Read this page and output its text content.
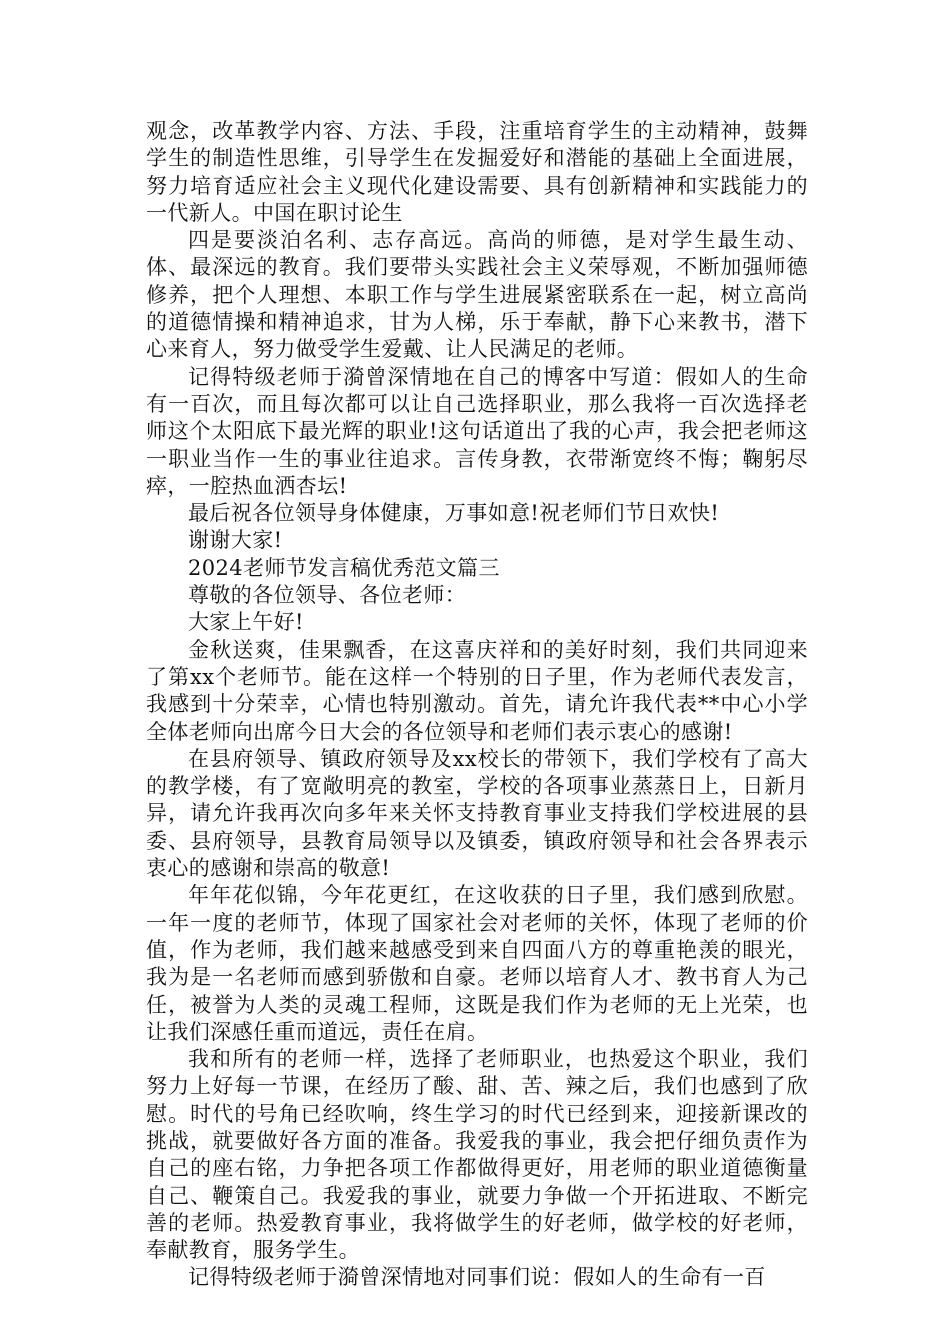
观念，改革教学内容、方法、手段，注重培育学生的主动精神，鼓舞学生的制造性思维，引导学生在发掘爱好和潜能的基础上全面进展，努力培育适应社会主义现代化建设需要、具有创新精神和实践能力的一代新人。中国在职讨论生

四是要淡泊名利、志存高远。高尚的师德，是对学生最生动、体、最深远的教育。我们要带头实践社会主义荣辱观，不断加强师德修养，把个人理想、本职工作与学生进展紧密联系在一起，树立高尚的道德情操和精神追求，甘为人梯，乐于奉献，静下心来教书，潜下心来育人，努力做受学生爱戴、让人民满足的老师。

记得特级老师于漪曾深情地在自己的博客中写道：假如人的生命有一百次，而且每次都可以让自己选择职业，那么我将一百次选择老师这个太阳底下最光辉的职业!这句话道出了我的心声，我会把老师这一职业当作一生的事业往追求。言传身教，衣带渐宽终不悔；鞠躬尽瘁，一腔热血洒杏坛!

最后祝各位领导身体健康，万事如意!祝老师们节日欢快!

谢谢大家!

2024老师节发言稿优秀范文篇三

尊敬的各位领导、各位老师：

大家上午好!

金秋送爽，佳果飘香，在这喜庆祥和的美好时刻，我们共同迎来了第xx个老师节。能在这样一个特别的日子里，作为老师代表发言，我感到十分荣幸，心情也特别激动。首先，请允许我代表**中心小学全体老师向出席今日大会的各位领导和老师们表示衷心的感谢!

在县府领导、镇政府领导及xx校长的带领下，我们学校有了高大的教学楼，有了宽敞明亮的教室，学校的各项事业蒸蒸日上，日新月异，请允许我再次向多年来关怀支持教育事业支持我们学校进展的县委、县府领导，县教育局领导以及镇委，镇政府领导和社会各界表示衷心的感谢和崇高的敬意!

年年花似锦，今年花更红，在这收获的日子里，我们感到欣慰。一年一度的老师节，体现了国家社会对老师的关怀，体现了老师的价值，作为老师，我们越来越感受到来自四面八方的尊重艳羡的眼光，我为是一名老师而感到骄傲和自豪。老师以培育人才、教书育人为己任，被誉为人类的灵魂工程师，这既是我们作为老师的无上光荣，也让我们深感任重而道远，责任在肩。

我和所有的老师一样，选择了老师职业，也热爱这个职业，我们努力上好每一节课，在经历了酸、甜、苦、辣之后，我们也感到了欣慰。时代的号角已经吹响，终生学习的时代已经到来，迎接新课改的挑战，就要做好各方面的准备。我爱我的事业，我会把仔细负责作为自己的座右铭，力争把各项工作都做得更好，用老师的职业道德衡量自己、鞭策自己。我爱我的事业，就要力争做一个开拓进取、不断完善的老师。热爱教育事业，我将做学生的好老师，做学校的好老师，奉献教育，服务学生。

记得特级老师于漪曾深情地对同事们说：假如人的生命有一百
